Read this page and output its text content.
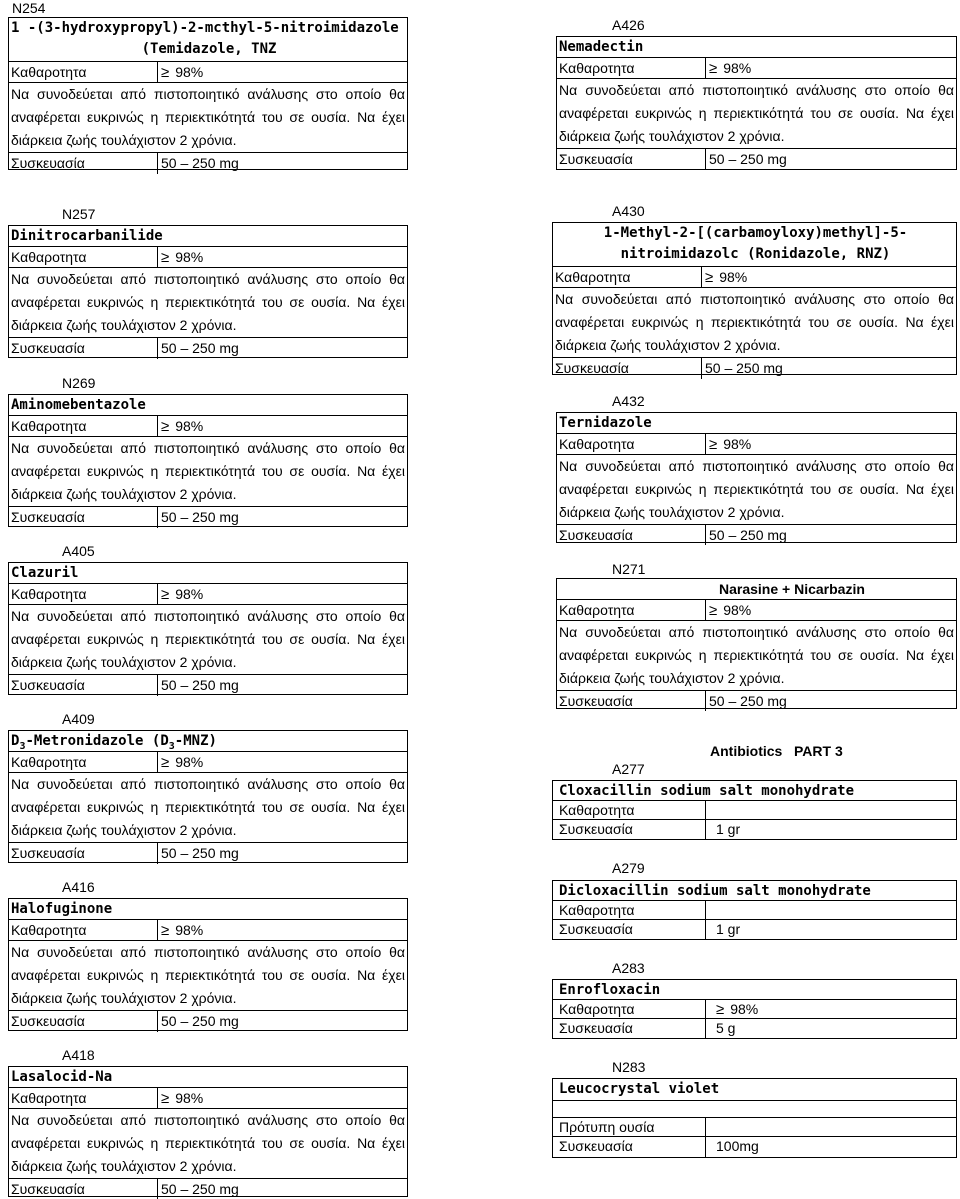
N254
1 -(3-hydroxypropyl)-2-mcthyl-5-nitroimidazole
(Temidazole, TNZ
Καθαροτητα	≥ 98%
Να συνοδεύεται από πιστοποιητικό ανάλυσης στο οποίο θα αναφέρεται ευκρινώς η περιεκτικότητά του σε ουσία. Να έχει διάρκεια ζωής τουλάχιστον 2 χρόνια.
Συσκευασία	50 – 250 mg
N257
Dinitrocarbanilide
Καθαροτητα	≥ 98%
Να συνοδεύεται από πιστοποιητικό ανάλυσης στο οποίο θα αναφέρεται ευκρινώς η περιεκτικότητά του σε ουσία. Να έχει διάρκεια ζωής τουλάχιστον 2 χρόνια.
Συσκευασία	50 – 250 mg
N269
Aminomebentazole
Καθαροτητα	≥ 98%
Να συνοδεύεται από πιστοποιητικό ανάλυσης στο οποίο θα αναφέρεται ευκρινώς η περιεκτικότητά του σε ουσία. Να έχει διάρκεια ζωής τουλάχιστον 2 χρόνια.
Συσκευασία	50 – 250 mg
A405
Clazuril
Καθαροτητα	≥ 98%
Να συνοδεύεται από πιστοποιητικό ανάλυσης στο οποίο θα αναφέρεται ευκρινώς η περιεκτικότητά του σε ουσία. Να έχει διάρκεια ζωής τουλάχιστον 2 χρόνια.
Συσκευασία	50 – 250 mg
A409
$D_3$-Metronidazole $(D_3-MNZ)$
Καθαροτητα	≥ 98%
Να συνοδεύεται από πιστοποιητικό ανάλυσης στο οποίο θα αναφέρεται ευκρινώς η περιεκτικότητά του σε ουσία. Να έχει διάρκεια ζωής τουλάχιστον 2 χρόνια.
Συσκευασία	50 – 250 mg
A416
Halofuginone
Καθαροτητα	≥ 98%
Να συνοδεύεται από πιστοποιητικό ανάλυσης στο οποίο θα αναφέρεται ευκρινώς η περιεκτικότητά του σε ουσία. Να έχει διάρκεια ζωής τουλάχιστον 2 χρόνια.
Συσκευασία	50 – 250 mg
A418
Lasalocid-Na
Καθαροτητα	≥ 98%
Να συνοδεύεται από πιστοποιητικό ανάλυσης στο οποίο θα αναφέρεται ευκρινώς η περιεκτικότητά του σε ουσία. Να έχει διάρκεια ζωής τουλάχιστον 2 χρόνια.
Συσκευασία	50 – 250 mg
A426
Nemadectin
Καθαροτητα	≥ 98%
Να συνοδεύεται από πιστοποιητικό ανάλυσης στο οποίο θα αναφέρεται ευκρινώς η περιεκτικότητά του σε ουσία. Να έχει διάρκεια ζωής τουλάχιστον 2 χρόνια.
Συσκευασία	50 – 250 mg
A430
1-Methyl-2-[(carbamoyloxy)methyl]-5-
nitroimidazolc (Ronidazole, RNZ)
Καθαροτητα	≥ 98%
Να συνοδεύεται από πιστοποιητικό ανάλυσης στο οποίο θα αναφέρεται ευκρινώς η περιεκτικότητά του σε ουσία. Να έχει διάρκεια ζωής τουλάχιστον 2 χρόνια.
Συσκευασία	50 – 250 mg
A432
Ternidazole
Καθαροτητα	≥ 98%
Να συνοδεύεται από πιστοποιητικό ανάλυσης στο οποίο θα αναφέρεται ευκρινώς η περιεκτικότητά του σε ουσία. Να έχει διάρκεια ζωής τουλάχιστον 2 χρόνια.
Συσκευασία	50 – 250 mg
N271
Narasine + Nicarbazin
Καθαροτητα	≥ 98%
Να συνοδεύεται από πιστοποιητικό ανάλυσης στο οποίο θα αναφέρεται ευκρινώς η περιεκτικότητά του σε ουσία. Να έχει διάρκεια ζωής τουλάχιστον 2 χρόνια.
Συσκευασία	50 – 250 mg
Antibiotics   PART 3
A277
Cloxacillin sodium salt monohydrate
Καθαροτητα
Συσκευασία	1 gr
A279
Dicloxacillin sodium salt monohydrate
Καθαροτητα
Συσκευασία	1 gr
A283
Enrofloxacin
Καθαροτητα	≥ 98%
Συσκευασία	5 g
N283
Leucocrystal violet
Πρότυπη ουσία
Συσκευασία	100mg
